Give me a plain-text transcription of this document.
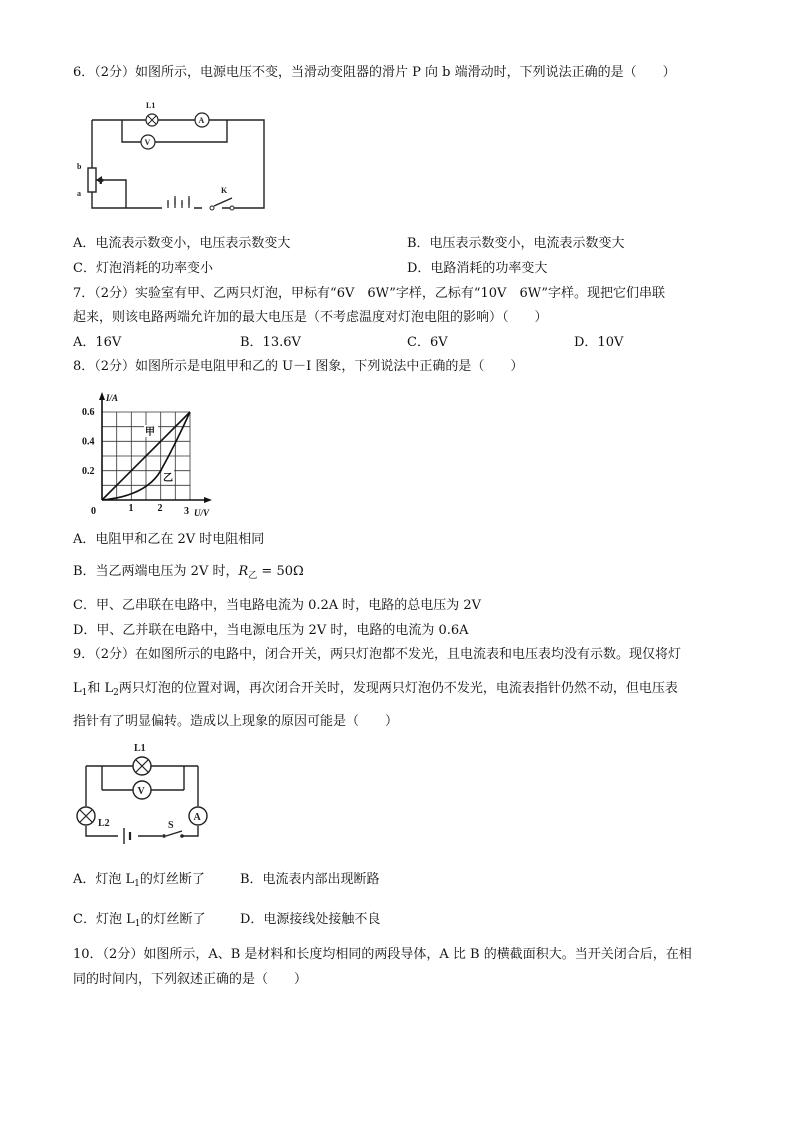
6．（2分）如图所示，电源电压不变，当滑动变阻器的滑片 P 向 b 端滑动时，下列说法正确的是（　　）
L1
A
V
b
a
P
K
A．电流表示数变小，电压表示数变大	B．电压表示数变小，电流表示数变大
C．灯泡消耗的功率变小	D．电路消耗的功率变大
7．（2分）实验室有甲、乙两只灯泡，甲标有“6V　6W”字样，乙标有“10V　6W”字样。现把它们串联
起来，则该电路两端允许加的最大电压是（不考虑温度对灯泡电阻的影响）（　　）
A．16V	B．13.6V	C．6V	D．10V
8．（2分）如图所示是电阻甲和乙的 U－I 图象，下列说法中正确的是（　　）
I/A
U/V
0.6
0.4
0.2
0	1 2 3
甲
乙
A．电阻甲和乙在 2V 时电阻相同
B．当乙两端电压为 2V 时，$R_乙 = 50\Omega$
C．甲、乙串联在电路中，当电路电流为 0.2A 时，电路的总电压为 2V
D．甲、乙并联在电路中，当电源电压为 2V 时，电路的电流为 0.6A
9．（2分）在如图所示的电路中，闭合开关，两只灯泡都不发光，且电流表和电压表均没有示数。现仅将灯
$L_1$和 $L_2$两只灯泡的位置对调，再次闭合开关时，发现两只灯泡仍不发光，电流表指针仍然不动，但电压表
指针有了明显偏转。造成以上现象的原因可能是（　　）
L1
V
L2
A
S
A．灯泡 $L_1$的灯丝断了	B．电流表内部出现断路
C．灯泡 $L_1$的灯丝断了	D．电源接线处接触不良
10．（2分）如图所示，A、B 是材料和长度均相同的两段导体，A 比 B 的横截面积大。当开关闭合后，在相
同的时间内，下列叙述正确的是（　　）
